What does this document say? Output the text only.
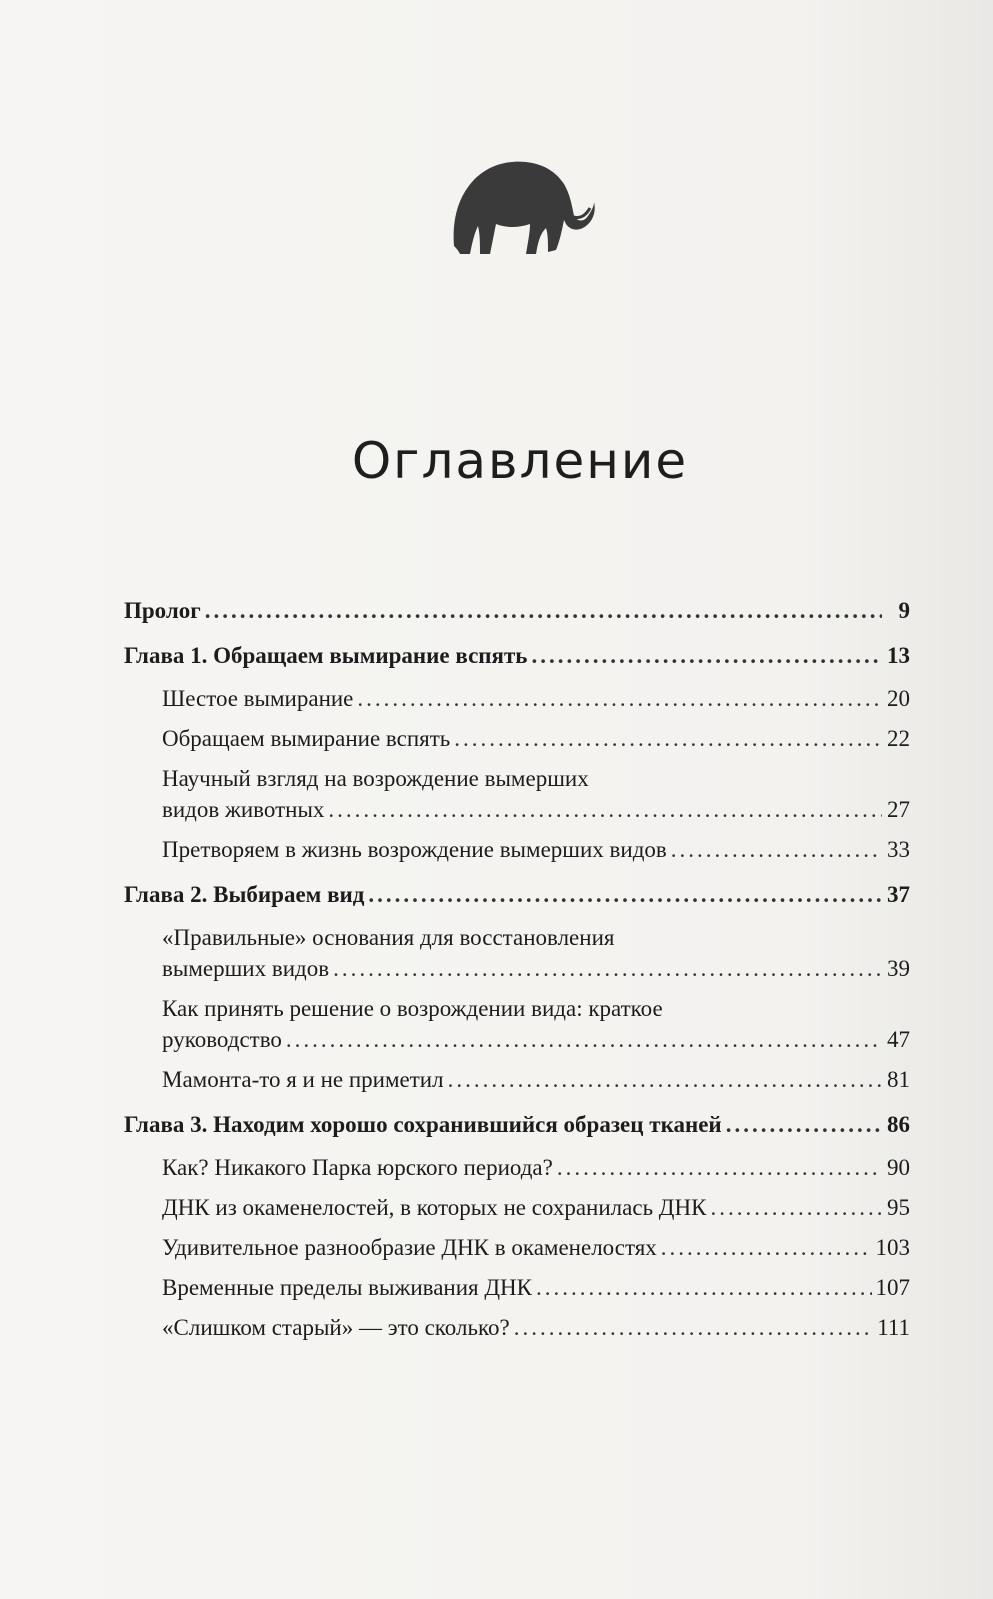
Оглавление
Пролог .....	9
Глава 1. Обращаем вымирание вспять .....	13
Шестое вымирание .....	20
Обращаем вымирание вспять .....	22
Научный взгляд на возрождение вымерших
видов животных .....	27
Претворяем в жизнь возрождение вымерших видов .....	33
Глава 2. Выбираем вид .....	37
«Правильные» основания для восстановления
вымерших видов .....	39
Как принять решение о возрождении вида: краткое
руководство .....	47
Мамонта-то я и не приметил .....	81
Глава 3. Находим хорошо сохранившийся образец тканей .....	86
Как? Никакого Парка юрского периода? .....	90
ДНК из окаменелостей, в которых не сохранилась ДНК .....	95
Удивительное разнообразие ДНК в окаменелостях .....	103
Временные пределы выживания ДНК .....	107
«Слишком старый» — это сколько? .....	111
